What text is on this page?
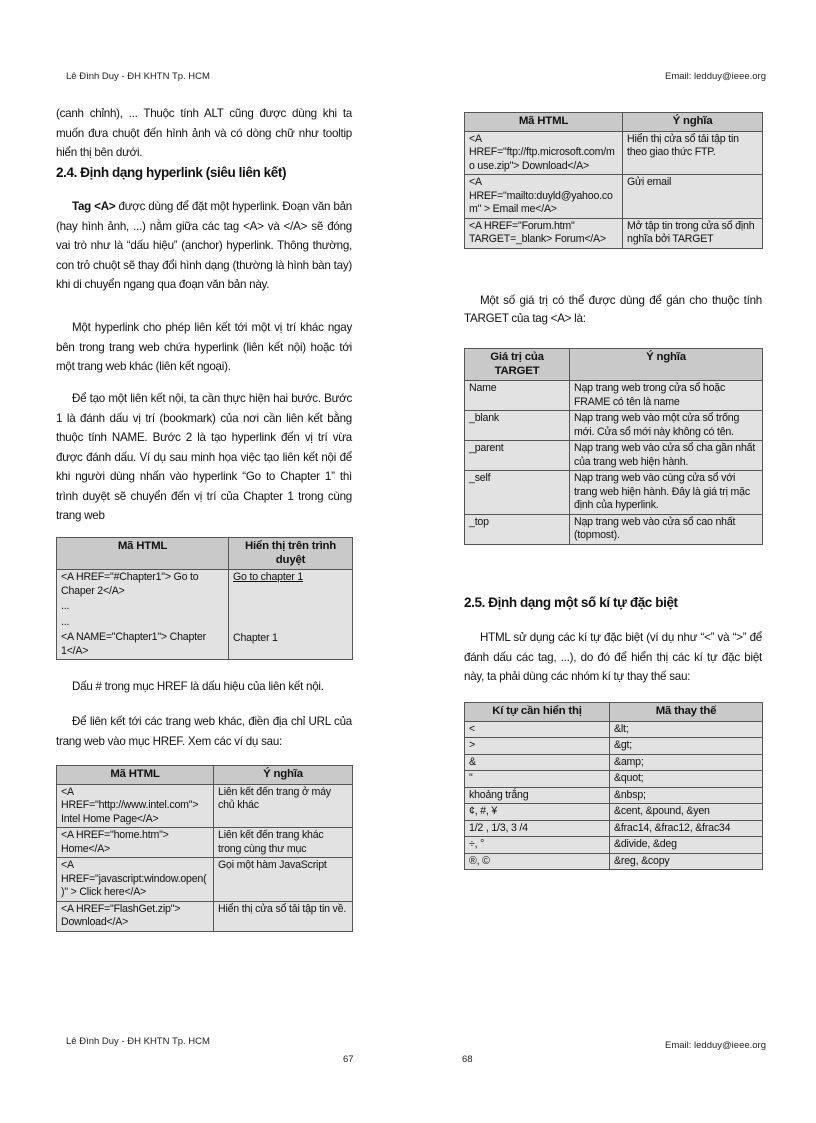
Lê Đình Duy - ĐH KHTN Tp. HCM

(canh chỉnh), ... Thuộc tính ALT cũng được dùng khi ta muốn đưa chuột đến hình ảnh và có dòng chữ như tooltip hiển thị bên dưới.

2.4. Định dạng hyperlink (siêu liên kết)

Tag <A> được dùng để đặt một hyperlink. Đoạn văn bản (hay hình ảnh, ...) nằm giữa các tag <A> và </A> sẽ đóng vai trò như là “dấu hiệu” (anchor) hyperlink. Thông thường, con trỏ chuột sẽ thay đổi hình dạng (thường là hình bàn tay) khi di chuyển ngang qua đoạn văn bản này.

Một hyperlink cho phép liên kết tới một vị trí khác ngay bên trong trang web chứa hyperlink (liên kết nội) hoặc tới một trang web khác (liên kết ngoại).

Để tạo một liên kết nội, ta cần thực hiện hai bước. Bước 1 là đánh dấu vị trí (bookmark) của nơi cần liên kết bằng thuộc tính NAME. Bước 2 là tạo hyperlink đến vị trí vừa được đánh dấu. Ví dụ sau minh họa việc tạo liên kết nội để khi người dùng nhấn vào hyperlink “Go to Chapter 1” thì trình duyệt sẽ chuyển đến vị trí của Chapter 1 trong cùng trang web

Mã HTML	Hiển thị trên trình duyệt
<A HREF="#Chapter1"> Go to Chaper 2</A>	Go to chapter 1
...	
...	
<A NAME="Chapter1"> Chapter 1</A>	Chapter 1
Dấu # trong mục HREF là dấu hiệu của liên kết nội.

Để liên kết tới các trang web khác, điền địa chỉ URL của trang web vào mục HREF. Xem các ví dụ sau:

Mã HTML	Ý nghĩa
<A HREF="http://www.intel.com"> Intel Home Page</A>	Liên kết đến trang ở máy chủ khác
<A HREF="home.htm"> Home</A>	Liên kết đến trang khác trong cùng thư mục
<A HREF="javascript:window.open()" > Click here</A>	Gọi một hàm JavaScript
<A HREF="FlashGet.zip"> Download</A>	Hiển thị cửa sổ tải tập tin về.
Lê Đình Duy - ĐH KHTN Tp. HCM
67
Email: ledduy@ieee.org
Mã HTML	Ý nghĩa
<A HREF="ftp://ftp.microsoft.com/mo use.zip"> Download</A>	Hiển thị cửa sổ tải tập tin theo giao thức FTP.
<A HREF="mailto:duyld@yahoo.com" > Email me</A>	Gửi email
<A HREF="Forum.htm" TARGET=_blank> Forum</A>	Mở tập tin trong cửa sổ định nghĩa bởi TARGET

Một số giá trị có thể được dùng để gán cho thuộc tính TARGET của tag <A> là:

Giá trị của TARGET	Ý nghĩa
Name	Nạp trang web trong cửa sổ hoặc FRAME có tên là name
_blank	Nạp trang web vào một cửa sổ trống mới. Cửa sổ mới này không có tên.
_parent	Nạp trang web vào cửa sổ cha gần nhất của trang web hiện hành.
_self	Nạp trang web vào cùng cửa sổ với trang web hiện hành. Đây là giá trị mặc định của hyperlink.
_top	Nạp trang web vào cửa sổ cao nhất (topmost).
2.5. Định dạng một số kí tự đặc biệt

HTML sử dụng các kí tự đặc biệt (ví dụ như “<” và “>” để đánh dấu các tag, ...), do đó để hiển thị các kí tự đặc biệt này, ta phải dùng các nhóm kí tự thay thế sau:

Kí tự cần hiển thị	Mã thay thế
<	&lt;
>	&gt;
&	&amp;
"	&quot;
khoảng trắng	&nbsp;
¢, #, ¥	&cent, &pound, &yen
1/2 , 1/3, 3 /4	&frac14, &frac12, &frac34
÷, °	&divide, &deg
®, ©	&reg, &copy
Email: ledduy@ieee.org
68
